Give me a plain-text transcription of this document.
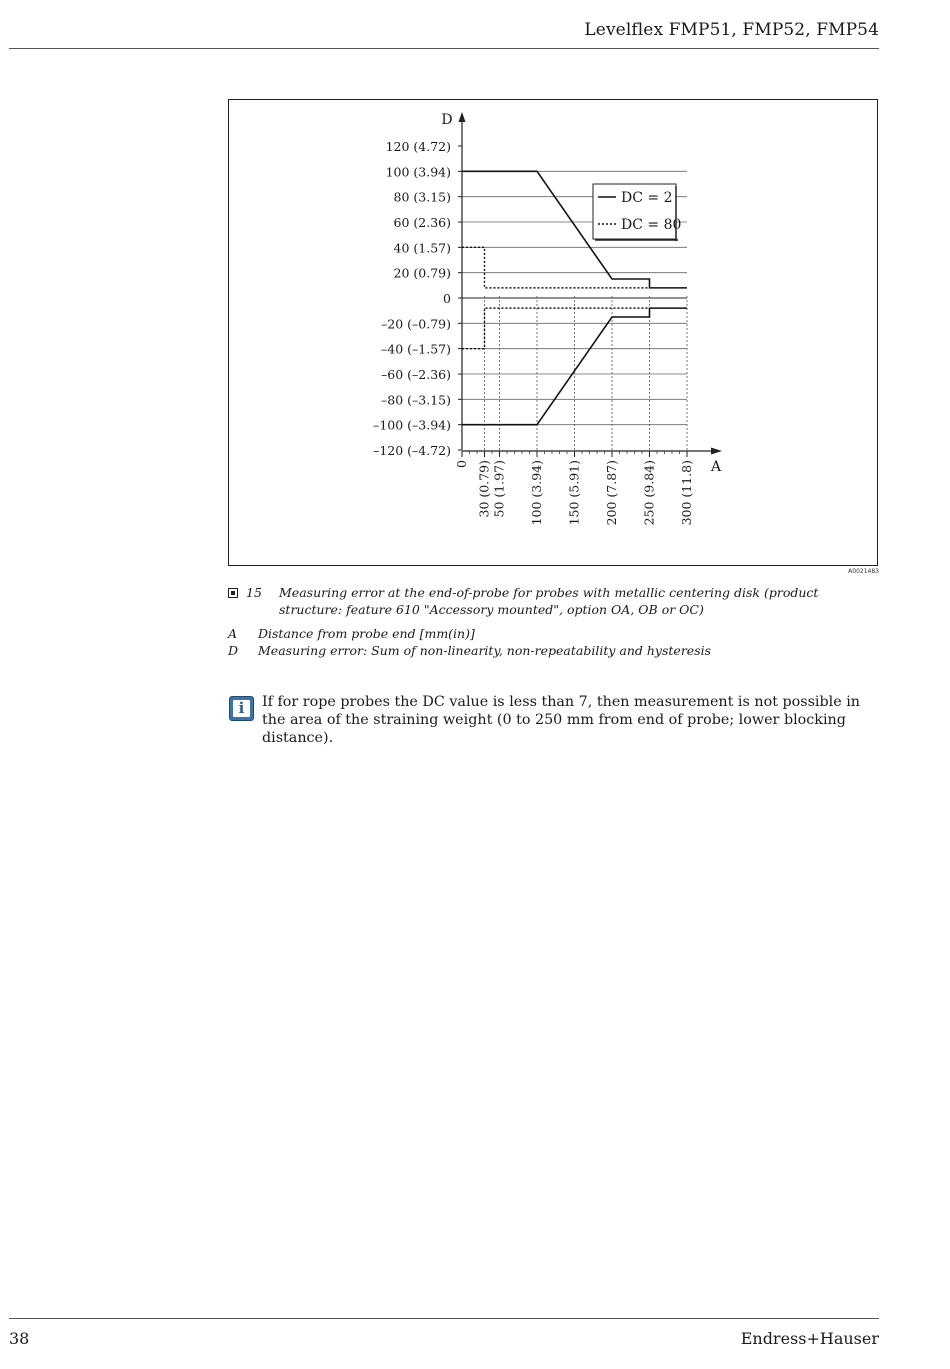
Levelflex FMP51, FMP52, FMP54
120 (4.72)
100 (3.94)
80 (3.15)
60 (2.36)
40 (1.57)
20 (0.79)
0
–20 (–0.79)
–40 (–1.57)
–60 (–2.36)
–80 (–3.15)
–100 (–3.94)
–120 (–4.72)
D
A
0 30 (0.79) 50 (1.97) 100 (3.94) 150 (5.91) 200 (7.87) 250 (9.84) 300 (11.8)
DC = 2
DC = 80
A0021483
15 Measuring error at the end-of-probe for probes with metallic centering disk (product structure: feature 610 "Accessory mounted", option OA, OB or OC)
A Distance from probe end [mm(in)]
D Measuring error: Sum of non-linearity, non-repeatability and hysteresis
i	If for rope probes the DC value is less than 7, then measurement is not possible in the area of the straining weight (0 to 250 mm from end of probe; lower blocking distance).
38	Endress+Hauser
